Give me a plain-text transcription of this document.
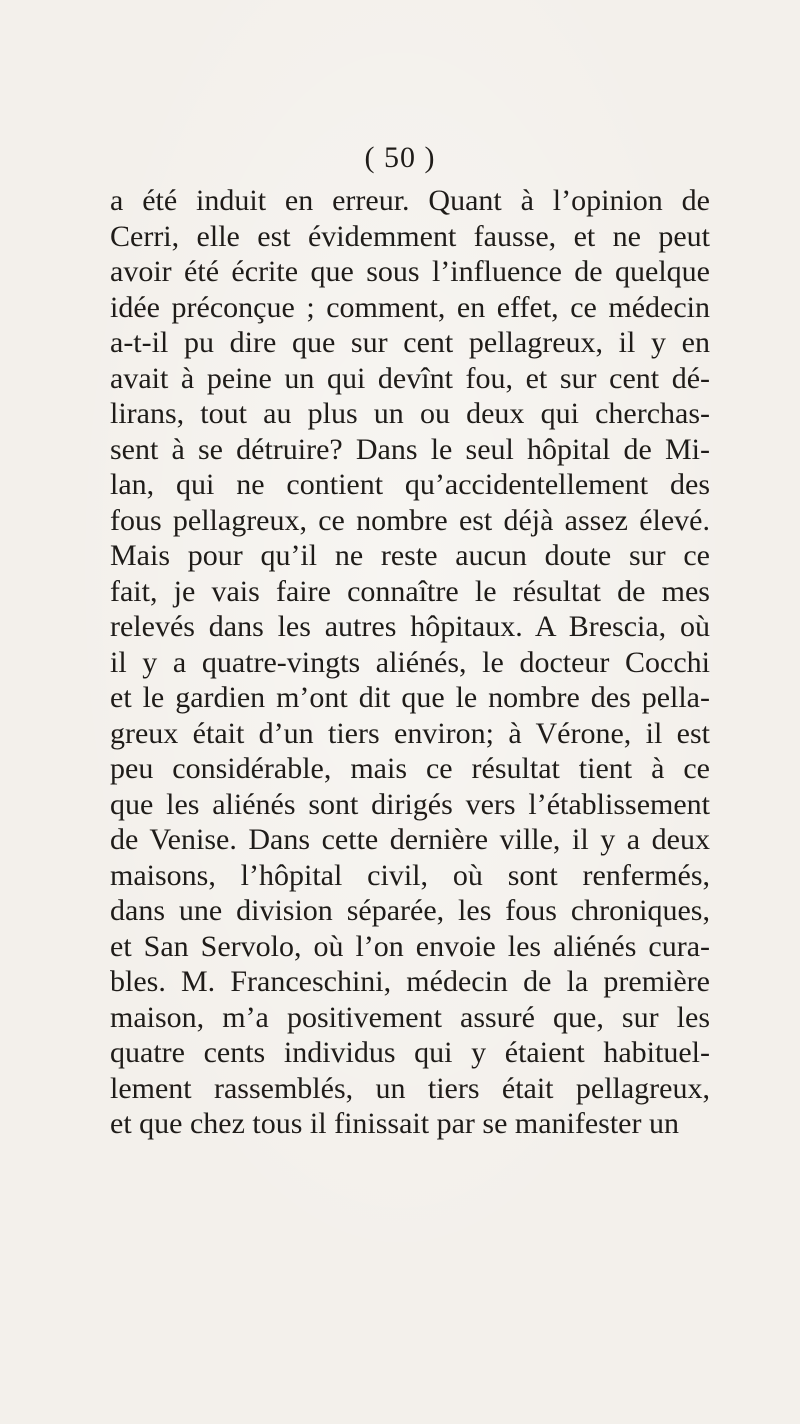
( 50 )
a été induit en erreur. Quant à l’opinion de
Cerri, elle est évidemment fausse, et ne peut
avoir été écrite que sous l’influence de quelque
idée préconçue ; comment, en effet, ce médecin
a-t-il pu dire que sur cent pellagreux, il y en
avait à peine un qui devînt fou, et sur cent dé-
lirans, tout au plus un ou deux qui cherchas-
sent à se détruire? Dans le seul hôpital de Mi-
lan, qui ne contient qu’accidentellement des
fous pellagreux, ce nombre est déjà assez élevé.
Mais pour qu’il ne reste aucun doute sur ce
fait, je vais faire connaître le résultat de mes
relevés dans les autres hôpitaux. A Brescia, où
il y a quatre-vingts aliénés, le docteur Cocchi
et le gardien m’ont dit que le nombre des pella-
greux était d’un tiers environ; à Vérone, il est
peu considérable, mais ce résultat tient à ce
que les aliénés sont dirigés vers l’établissement
de Venise. Dans cette dernière ville, il y a deux
maisons, l’hôpital civil, où sont renfermés,
dans une division séparée, les fous chroniques,
et San Servolo, où l’on envoie les aliénés cura-
bles. M. Franceschini, médecin de la première
maison, m’a positivement assuré que, sur les
quatre cents individus qui y étaient habituel-
lement rassemblés, un tiers était pellagreux,
et que chez tous il finissait par se manifester un
